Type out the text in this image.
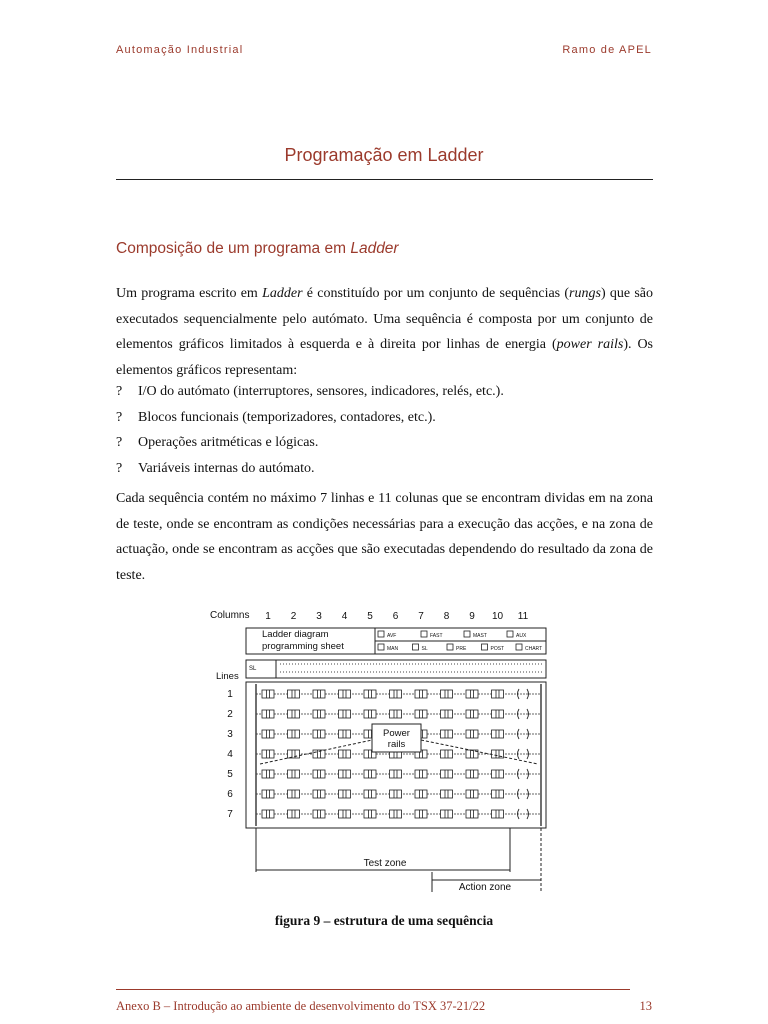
Automação Industrial	Ramo de APEL
Programação em Ladder
Composição de um programa em Ladder
Um programa escrito em Ladder é constituído por um conjunto de sequências (rungs) que são executados sequencialmente pelo autómato. Uma sequência é composta por um conjunto de elementos gráficos limitados à esquerda e à direita por linhas de energia (power rails). Os elementos gráficos representam:
?	I/O do autómato (interruptores, sensores, indicadores, relés, etc.).
?	Blocos funcionais (temporizadores, contadores, etc.).
?	Operações aritméticas e lógicas.
?	Variáveis internas do autómato.
Cada sequência contém no máximo 7 linhas e 11 colunas que se encontram dividas em na zona de teste, onde se encontram as condições necessárias para a execução das acções, e na zona de actuação, onde se encontram as acções que são executadas dependendo do resultado da zona de teste.
Columns 1 2 3 4 5 6 7 8 9 10 11
Ladder diagram
programming sheet
AVF	FAST	MAST	AUX
MAN	SL	PRE	POST	CHART
SL
Lines
1
2
3
4
5
6
7
Power
rails
Test zone
Action zone
figura 9 – estrutura de uma sequência
Anexo B – Introdução ao ambiente de desenvolvimento do TSX 37-21/22	13
